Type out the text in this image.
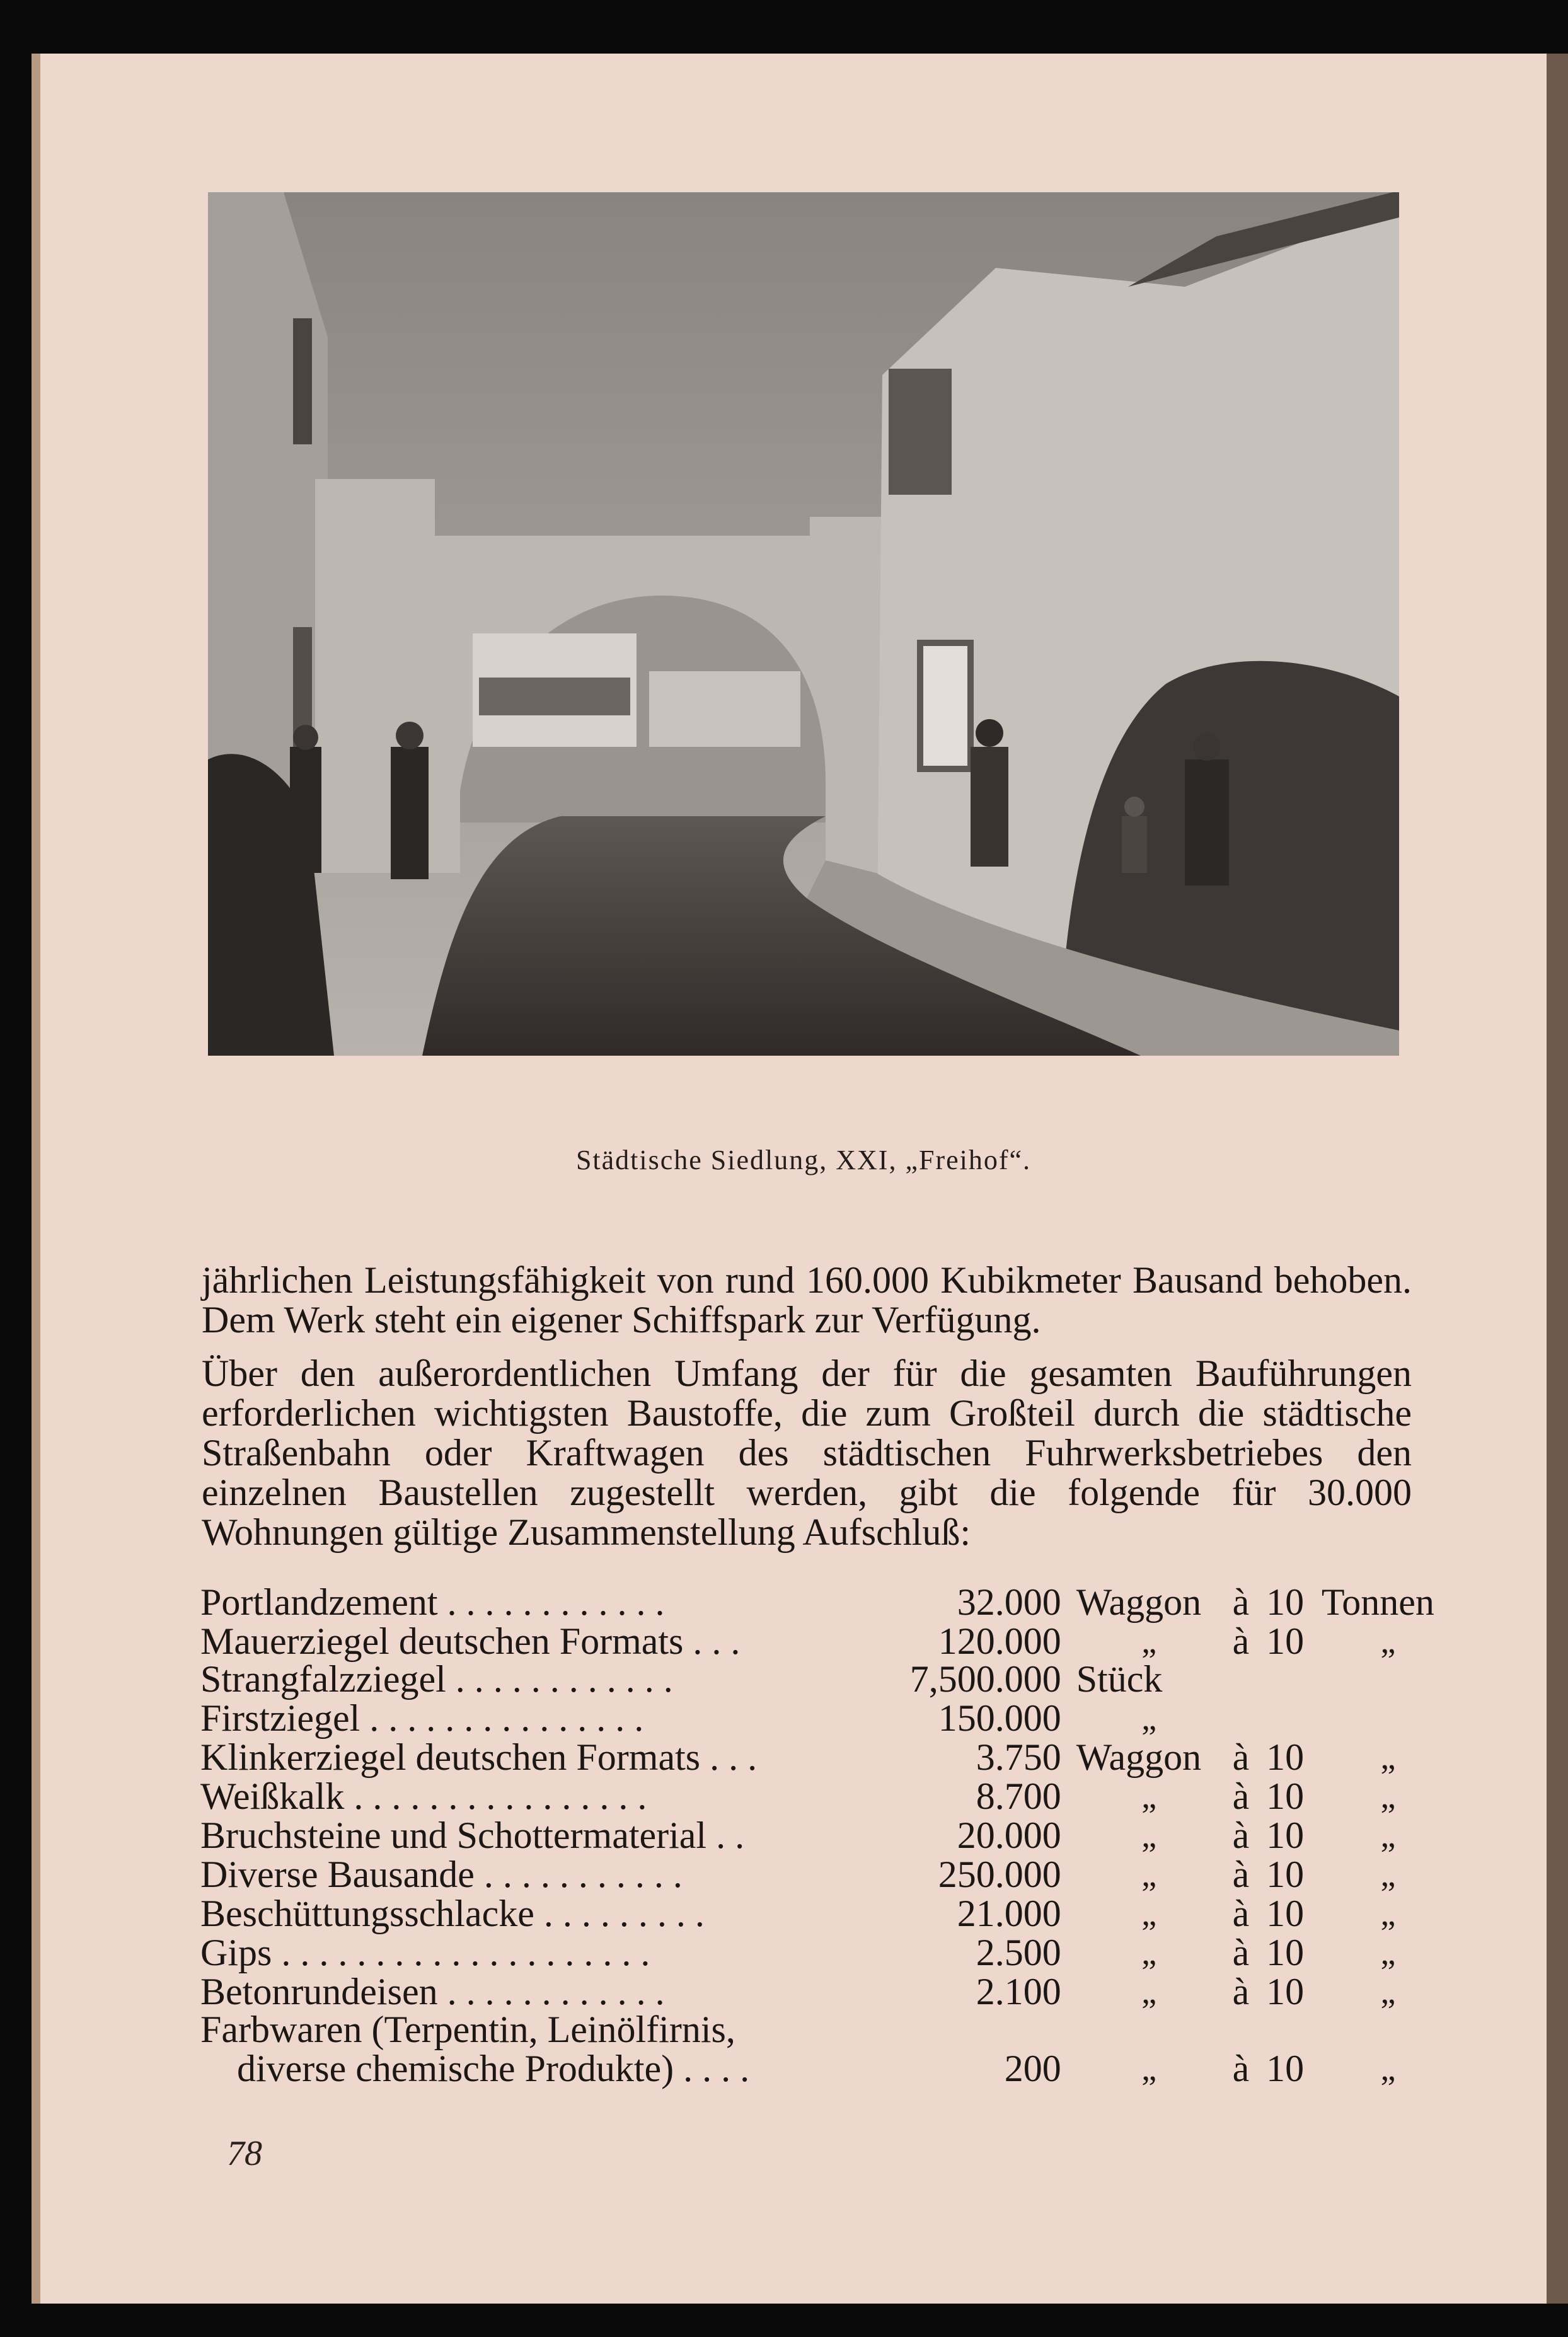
Städtische Siedlung, XXI, „Freihof“.

jährlichen Leistungsfähigkeit von rund 160.000 Kubikmeter Bausand behoben. Dem Werk steht ein eigener Schiffspark zur Verfügung.

Über den außerordentlichen Umfang der für die gesamten Bauführungen erforderlichen wichtigsten Baustoffe, die zum Großteil durch die städtische Straßenbahn oder Kraftwagen des städtischen Fuhrwerksbetriebes den einzelnen Baustellen zugestellt werden, gibt die folgende für 30.000 Wohnungen gültige Zusammenstellung Aufschluß:

Portlandzement . . . . . . . . . . . .	32.000	Waggon	à	10	Tonnen
Mauerziegel deutschen Formats . . .	120.000	„	à	10	„
Strangfalzziegel . . . . . . . . . . . .	7,500.000	Stück			
Firstziegel . . . . . . . . . . . . . . .	150.000	„			
Klinkerziegel deutschen Formats . . .	3.750	Waggon	à	10	„
Weißkalk . . . . . . . . . . . . . . . .	8.700	„	à	10	„
Bruchsteine und Schottermaterial . .	20.000	„	à	10	„
Diverse Bausande . . . . . . . . . . .	250.000	„	à	10	„
Beschüttungsschlacke . . . . . . . . .	21.000	„	à	10	„
Gips . . . . . . . . . . . . . . . . . . . .	2.500	„	à	10	„
Betonrundeisen . . . . . . . . . . . .	2.100	„	à	10	„
Farbwaren (Terpentin, Leinölfirnis,					
diverse chemische Produkte) . . . .	200	„	à	10	„
78
